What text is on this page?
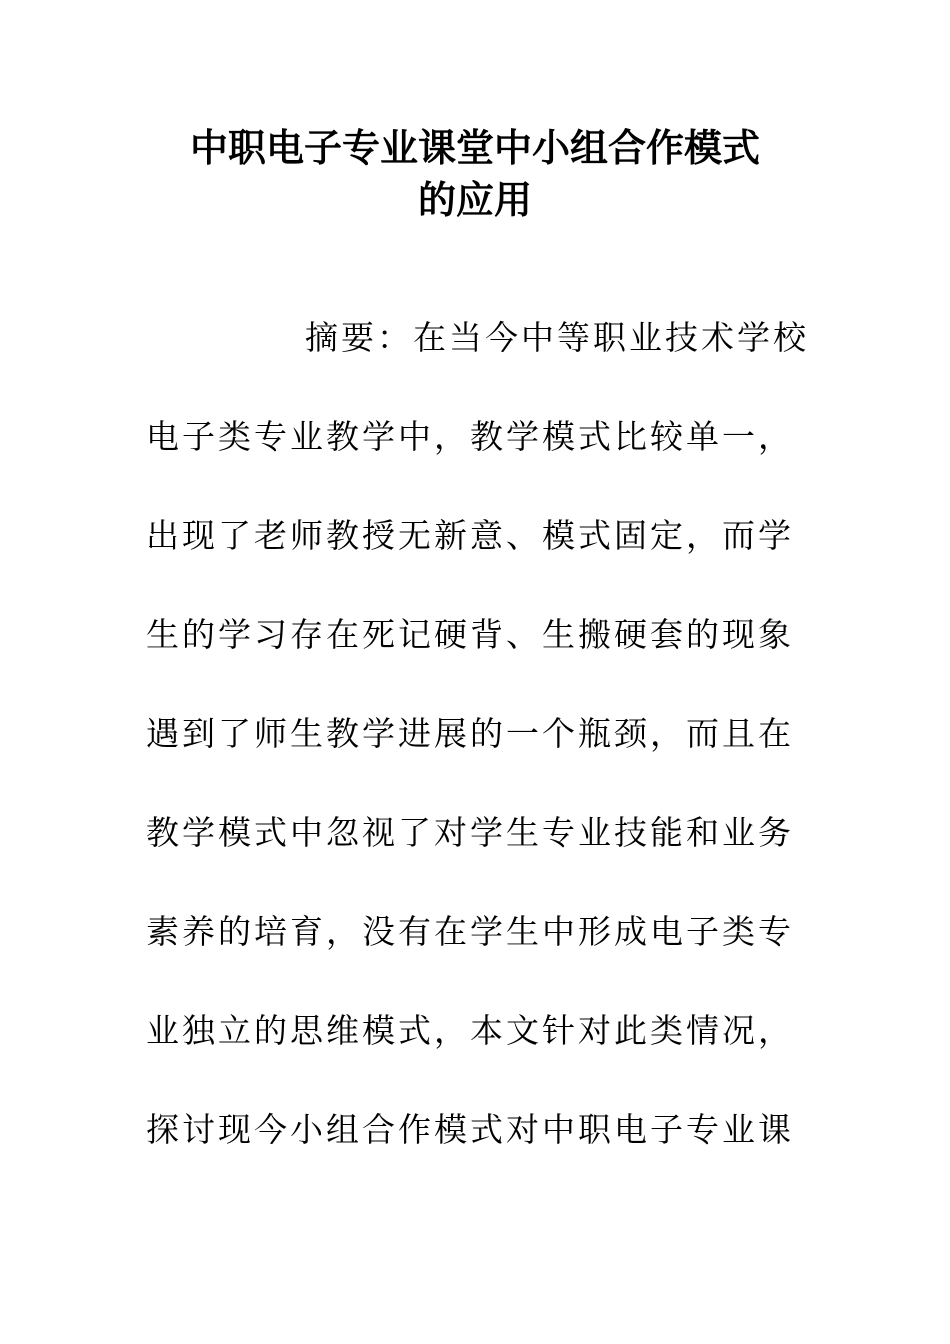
中职电子专业课堂中小组合作模式
的应用

摘要：在当今中等职业技术学校

电子类专业教学中，教学模式比较单一，

出现了老师教授无新意、模式固定，而学

生的学习存在死记硬背、生搬硬套的现象

遇到了师生教学进展的一个瓶颈，而且在

教学模式中忽视了对学生专业技能和业务

素养的培育，没有在学生中形成电子类专

业独立的思维模式，本文针对此类情况，

探讨现今小组合作模式对中职电子专业课
